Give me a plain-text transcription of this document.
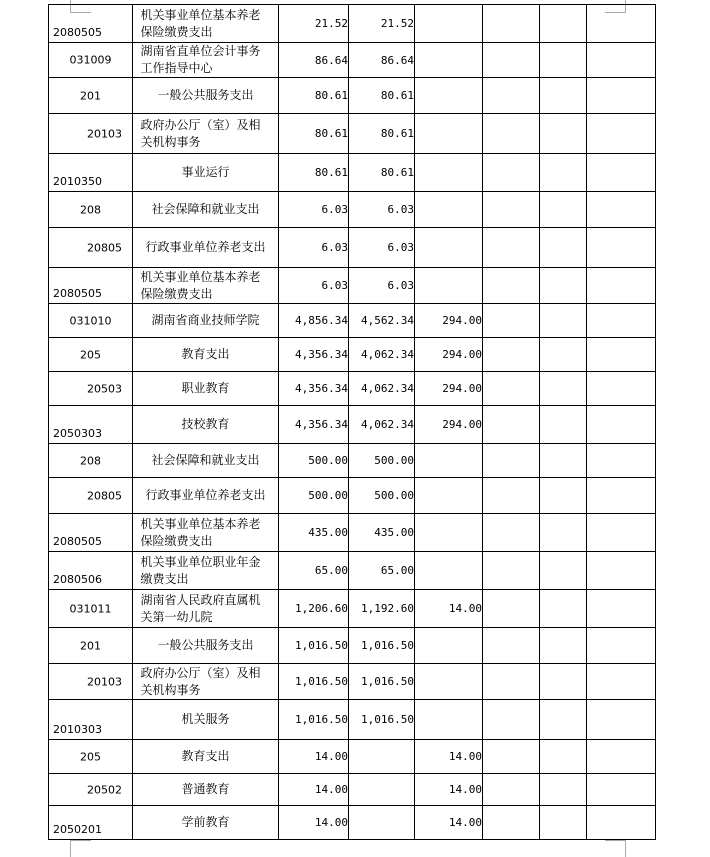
2080505	机关事业单位基本养老保险缴费支出	21.52	21.52				

031009	湖南省直单位会计事务工作指导中心	86.64	86.64				

201	一般公共服务支出	80.61	80.61				

20103	政府办公厅（室）及相关机构事务	80.61	80.61				

2010350	事业运行	80.61	80.61				

208	社会保障和就业支出	6.03	6.03				

20805	行政事业单位养老支出	6.03	6.03				

2080505	机关事业单位基本养老保险缴费支出	6.03	6.03				

031010	湖南省商业技师学院	4,856.34	4,562.34	294.00			

205	教育支出	4,356.34	4,062.34	294.00			

20503	职业教育	4,356.34	4,062.34	294.00			

2050303	技校教育	4,356.34	4,062.34	294.00			

208	社会保障和就业支出	500.00	500.00				

20805	行政事业单位养老支出	500.00	500.00				

2080505	机关事业单位基本养老保险缴费支出	435.00	435.00				

2080506	机关事业单位职业年金缴费支出	65.00	65.00				

031011	湖南省人民政府直属机关第一幼儿院	1,206.60	1,192.60	14.00			

201	一般公共服务支出	1,016.50	1,016.50				

20103	政府办公厅（室）及相关机构事务	1,016.50	1,016.50				

2010303	机关服务	1,016.50	1,016.50				

205	教育支出	14.00		14.00			

20502	普通教育	14.00		14.00			

2050201	学前教育	14.00		14.00			
